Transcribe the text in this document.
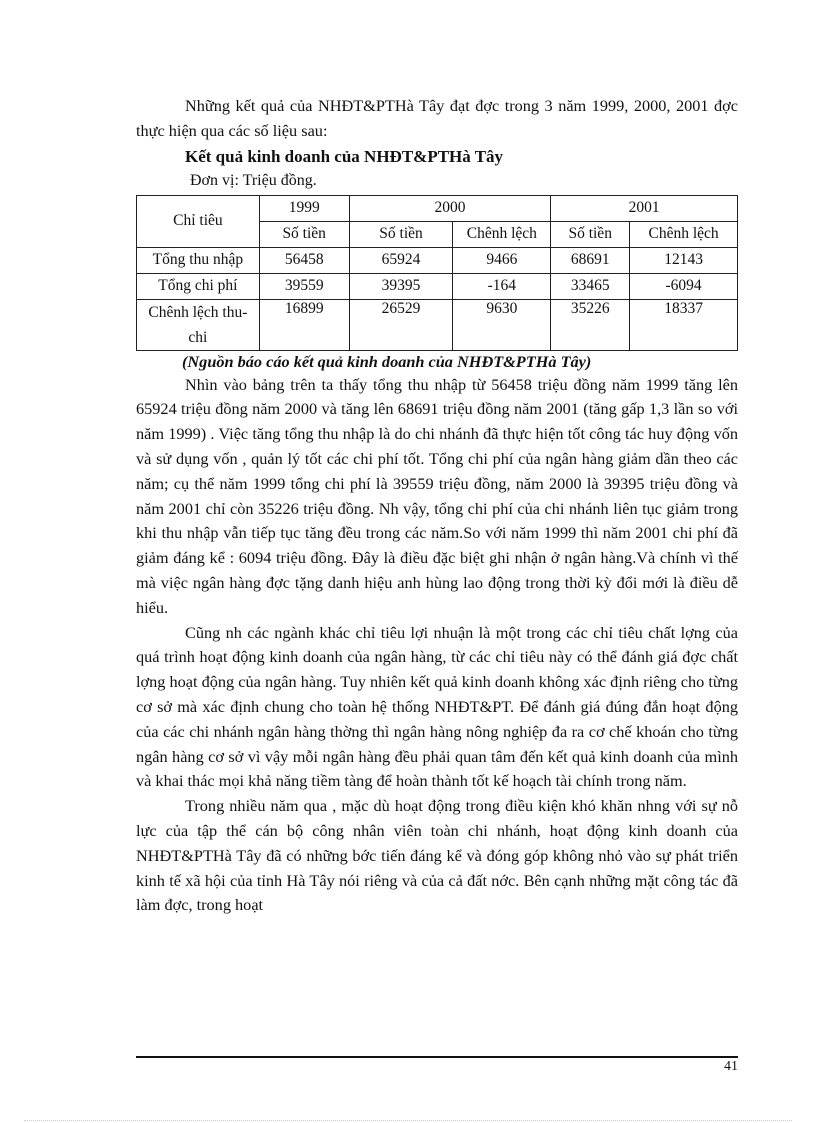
Những kết quả của NHĐT&PTHà Tây đạt đợc trong 3 năm 1999, 2000, 2001 đợc thực hiện qua các số liệu sau:

Kết quả kinh doanh của NHĐT&PTHà Tây
Đơn vị: Triệu đồng.
Chỉ tiêu	1999	2000		2001	
	Số tiền	Số tiền	Chênh lệch	Số tiền	Chênh lệch
Tổng thu nhập	56458	65924	9466	68691	12143
Tổng chi phí	39559	39395	-164	33465	-6094
Chênh lệch thu-chi	16899	26529	9630	35226	18337
(Nguồn báo cáo kết quả kinh doanh của NHĐT&PTHà Tây)

Nhìn vào bảng trên ta thấy tổng thu nhập từ 56458 triệu đồng năm 1999 tăng lên 65924 triệu đồng năm 2000 và tăng lên 68691 triệu đồng năm 2001 (tăng gấp 1,3 lần so với năm 1999) . Việc tăng tổng thu nhập là do chi nhánh đã thực hiện tốt công tác huy động vốn và sử dụng vốn , quản lý tốt các chi phí tốt. Tổng chi phí của ngân hàng giảm dần theo các năm; cụ thể năm 1999 tổng chi phí là 39559 triệu đồng, năm 2000 là 39395 triệu đồng và năm 2001 chỉ còn 35226 triệu đồng. Nh vậy, tổng chi phí của chi nhánh liên tục giảm trong khi thu nhập vẫn tiếp tục tăng đều trong các năm.So với năm 1999 thì năm 2001 chi phí đã giảm đáng kể : 6094 triệu đồng. Đây là điều đặc biệt ghi nhận ở ngân hàng.Và chính vì thế mà việc ngân hàng đợc tặng danh hiệu anh hùng lao động trong thời kỳ đổi mới là điều dễ hiểu.

Cũng nh các ngành khác chỉ tiêu lợi nhuận là một trong các chỉ tiêu chất lợng của quá trình hoạt động kinh doanh của ngân hàng, từ các chỉ tiêu này có thể đánh giá đợc chất lợng hoạt động của ngân hàng. Tuy nhiên kết quả kinh doanh không xác định riêng cho từng cơ sở mà xác định chung cho toàn hệ thống NHĐT&PT. Để đánh giá đúng đắn hoạt động của các chi nhánh ngân hàng thờng thì ngân hàng nông nghiệp đa ra cơ chế khoán cho từng ngân hàng cơ sở vì vậy mỗi ngân hàng đều phải quan tâm đến kết quả kinh doanh của mình và khai thác mọi khả năng tiềm tàng để hoàn thành tốt kế hoạch tài chính trong năm.

Trong nhiều năm qua , mặc dù hoạt động trong điều kiện khó khăn nhng với sự nỗ lực của tập thể cán bộ công nhân viên toàn chi nhánh, hoạt động kinh doanh của NHĐT&PTHà Tây đã có những bớc tiến đáng kể và đóng góp không nhỏ vào sự phát triển kinh tế xã hội của tỉnh Hà Tây nói riêng và của cả đất nớc. Bên cạnh những mặt công tác đã làm đợc, trong hoạt

41
